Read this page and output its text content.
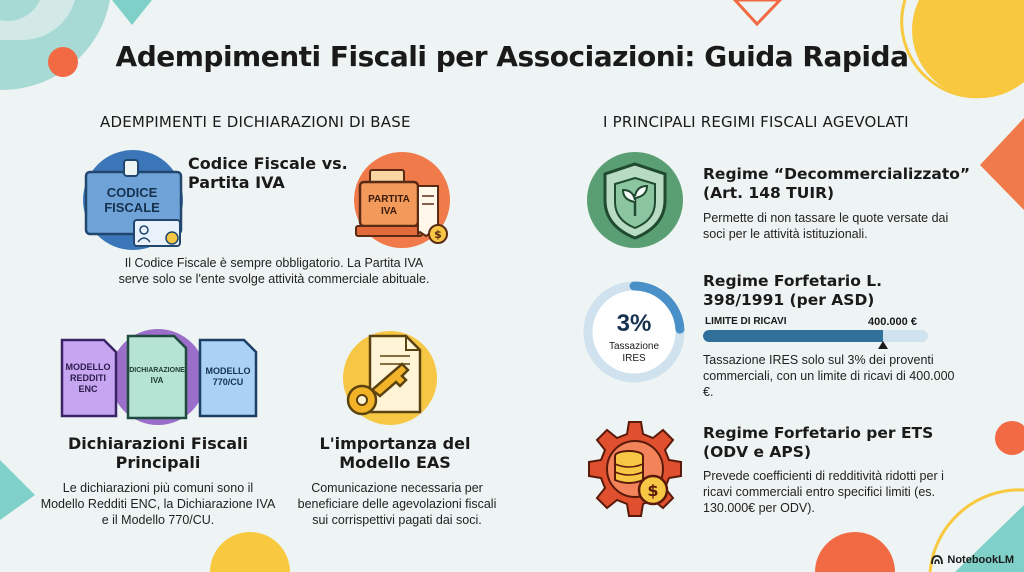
Adempimenti Fiscali per Associazioni: Guida Rapida
ADEMPIMENTI E DICHIARAZIONI DI BASE
CODICE
FISCALE
Codice Fiscale vs. Partita IVA
PARTITA
IVA
$
Il Codice Fiscale è sempre obbligatorio. La Partita IVA serve solo se l'ente svolge attività commerciale abituale.
MODELLO
REDDITI
ENC
DICHIARAZIONE
IVA
MODELLO
770/CU
Dichiarazioni Fiscali Principali
Le dichiarazioni più comuni sono il Modello Redditi ENC, la Dichiarazione IVA e il Modello 770/CU.
L'importanza del Modello EAS
Comunicazione necessaria per beneficiare delle agevolazioni fiscali sui corrispettivi pagati dai soci.
I PRINCIPALI REGIMI FISCALI AGEVOLATI
Regime “Decommercializzato” (Art. 148 TUIR)
Permette di non tassare le quote versate dai soci per le attività istituzionali.
3%
Tassazione IRES
Regime Forfetario L. 398/1991 (per ASD)
LIMITE DI RICAVI	400.000 €
Tassazione IRES solo sul 3% dei proventi commerciali, con un limite di ricavi di 400.000 €.
$
Regime Forfetario per ETS (ODV e APS)
Prevede coefficienti di redditività ridotti per i ricavi commerciali entro specifici limiti (es. 130.000€ per ODV).
NotebookLM
